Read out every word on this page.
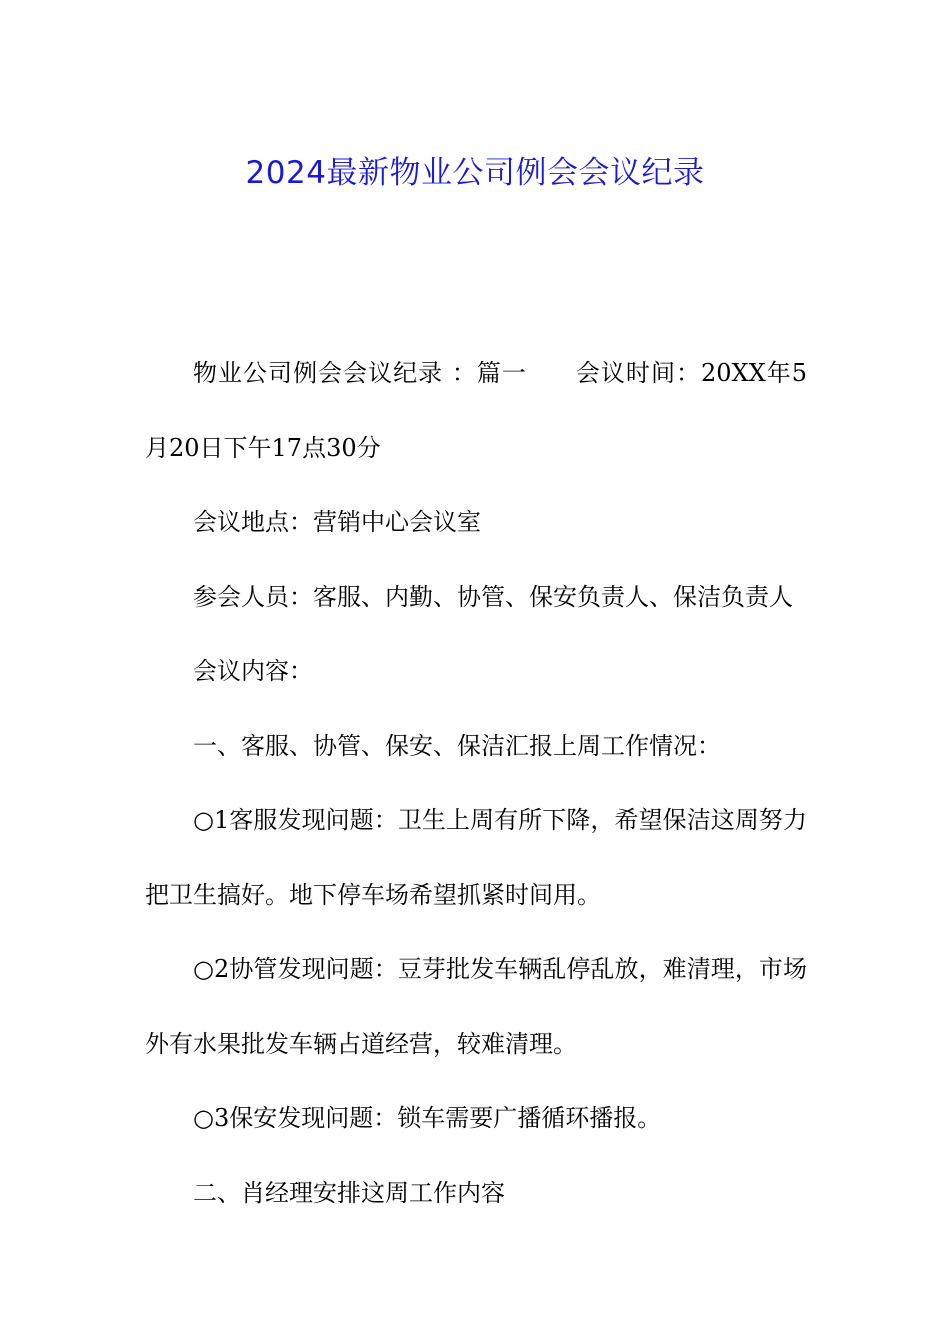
2024最新物业公司例会会议纪录

物业公司例会会议纪录 ：篇一 会议时间：20XX年5月20日下午17点30分

会议地点：营销中心会议室

参会人员：客服、内勤、协管、保安负责人、保洁负责人

会议内容：

一、客服、协管、保安、保洁汇报上周工作情况：

○1客服发现问题：卫生上周有所下降，希望保洁这周努力把卫生搞好。地下停车场希望抓紧时间用。

○2协管发现问题：豆芽批发车辆乱停乱放，难清理，市场外有水果批发车辆占道经营，较难清理。

○3保安发现问题：锁车需要广播循环播报。

二、肖经理安排这周工作内容
